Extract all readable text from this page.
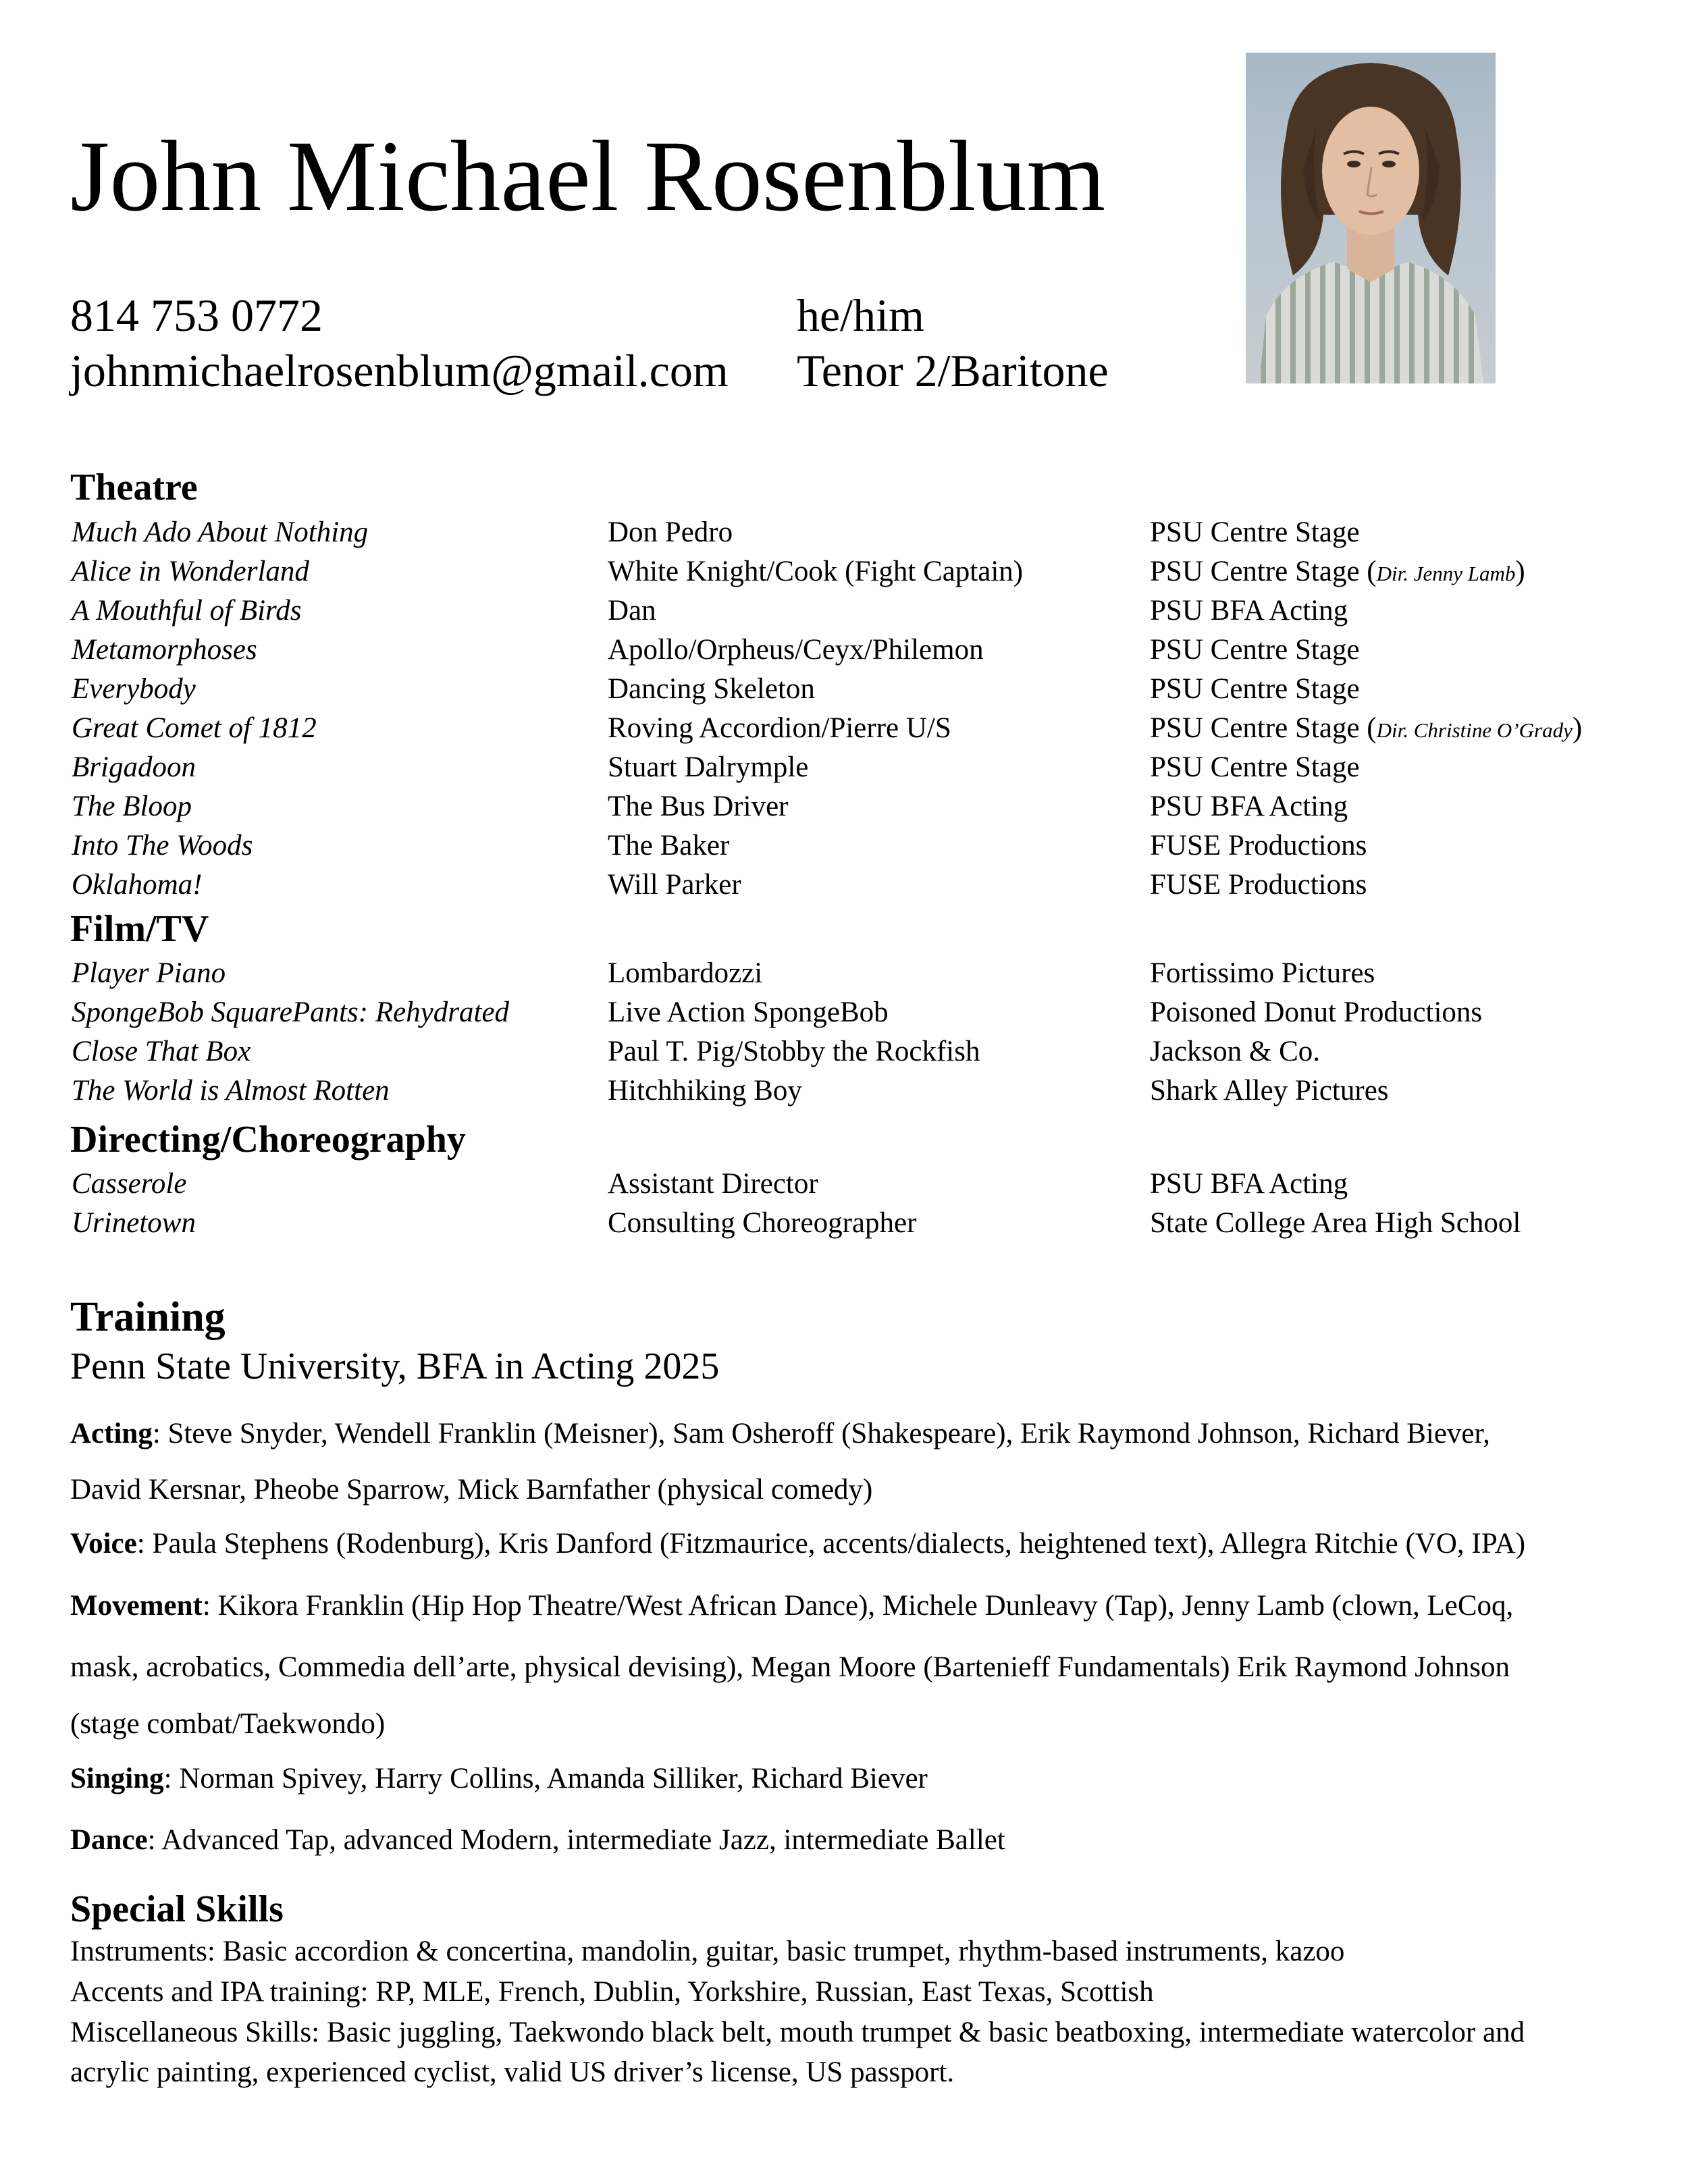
John Michael Rosenblum
814 753 0772
johnmichaelrosenblum@gmail.com
he/him
Tenor 2/Baritone
Theatre
Much Ado About Nothing	Don Pedro	PSU Centre Stage
Alice in Wonderland	White Knight/Cook (Fight Captain)	PSU Centre Stage (Dir. Jenny Lamb)
A Mouthful of Birds	Dan	PSU BFA Acting
Metamorphoses	Apollo/Orpheus/Ceyx/Philemon	PSU Centre Stage
Everybody	Dancing Skeleton	PSU Centre Stage
Great Comet of 1812	Roving Accordion/Pierre U/S	PSU Centre Stage (Dir. Christine O’Grady)
Brigadoon	Stuart Dalrymple	PSU Centre Stage
The Bloop	The Bus Driver	PSU BFA Acting
Into The Woods	The Baker	FUSE Productions
Oklahoma!	Will Parker	FUSE Productions
Film/TV
Player Piano	Lombardozzi	Fortissimo Pictures
SpongeBob SquarePants: Rehydrated	Live Action SpongeBob	Poisoned Donut Productions
Close That Box	Paul T. Pig/Stobby the Rockfish	Jackson & Co.
The World is Almost Rotten	Hitchhiking Boy	Shark Alley Pictures
Directing/Choreography
Casserole	Assistant Director	PSU BFA Acting
Urinetown	Consulting Choreographer	State College Area High School
Training
Penn State University, BFA in Acting 2025
Acting: Steve Snyder, Wendell Franklin (Meisner), Sam Osheroff (Shakespeare), Erik Raymond Johnson, Richard Biever,
David Kersnar, Pheobe Sparrow, Mick Barnfather (physical comedy)
Voice: Paula Stephens (Rodenburg), Kris Danford (Fitzmaurice, accents/dialects, heightened text), Allegra Ritchie (VO, IPA)
Movement: Kikora Franklin (Hip Hop Theatre/West African Dance), Michele Dunleavy (Tap), Jenny Lamb (clown, LeCoq,
mask, acrobatics, Commedia dell’arte, physical devising), Megan Moore (Bartenieff Fundamentals) Erik Raymond Johnson
(stage combat/Taekwondo)
Singing: Norman Spivey, Harry Collins, Amanda Silliker, Richard Biever
Dance: Advanced Tap, advanced Modern, intermediate Jazz, intermediate Ballet
Special Skills
Instruments: Basic accordion & concertina, mandolin, guitar, basic trumpet, rhythm-based instruments, kazoo
Accents and IPA training: RP, MLE, French, Dublin, Yorkshire, Russian, East Texas, Scottish
Miscellaneous Skills: Basic juggling, Taekwondo black belt, mouth trumpet & basic beatboxing, intermediate watercolor and
acrylic painting, experienced cyclist, valid US driver’s license, US passport.
